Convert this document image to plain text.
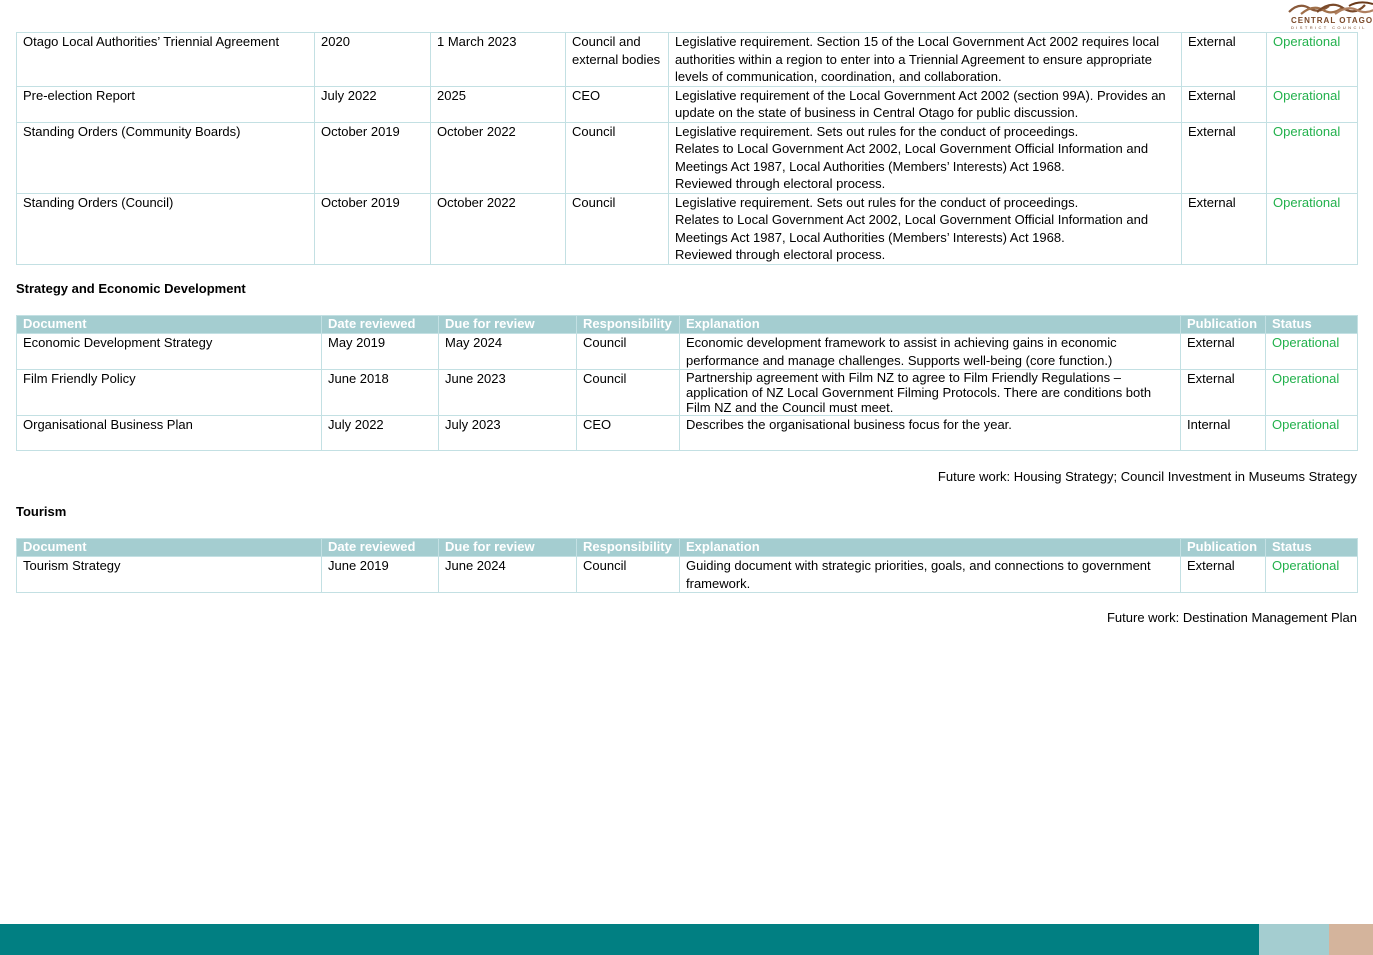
CENTRAL OTAGO
DISTRICT COUNCIL
Otago Local Authorities’ Triennial Agreement	2020	1 March 2023	Council and external bodies	Legislative requirement. Section 15 of the Local Government Act 2002 requires local authorities within a region to enter into a Triennial Agreement to ensure appropriate levels of communication, coordination, and collaboration.	External	Operational
Pre-election Report	July 2022	2025	CEO	Legislative requirement of the Local Government Act 2002 (section 99A). Provides an update on the state of business in Central Otago for public discussion.	External	Operational
Standing Orders (Community Boards)	October 2019	October 2022	Council	Legislative requirement. Sets out rules for the conduct of proceedings.
Relates to Local Government Act 2002, Local Government Official Information and Meetings Act 1987, Local Authorities (Members’ Interests) Act 1968.
Reviewed through electoral process.	External	Operational
Standing Orders (Council)	October 2019	October 2022	Council	Legislative requirement. Sets out rules for the conduct of proceedings.
Relates to Local Government Act 2002, Local Government Official Information and Meetings Act 1987, Local Authorities (Members’ Interests) Act 1968.
Reviewed through electoral process.	External	Operational
Strategy and Economic Development
Document	Date reviewed	Due for review	Responsibility	Explanation	Publication	Status
Economic Development Strategy	May 2019	May 2024	Council	Economic development framework to assist in achieving gains in economic performance and manage challenges. Supports well-being (core function.)	External	Operational
Film Friendly Policy	June 2018	June 2023	Council	Partnership agreement with Film NZ to agree to Film Friendly Regulations – application of NZ Local Government Filming Protocols. There are conditions both Film NZ and the Council must meet.	External	Operational
Organisational Business Plan	July 2022	July 2023	CEO	Describes the organisational business focus for the year.	Internal	Operational
Future work: Housing Strategy; Council Investment in Museums Strategy
Tourism
Document	Date reviewed	Due for review	Responsibility	Explanation	Publication	Status
Tourism Strategy	June 2019	June 2024	Council	Guiding document with strategic priorities, goals, and connections to government framework.	External	Operational
Future work: Destination Management Plan
